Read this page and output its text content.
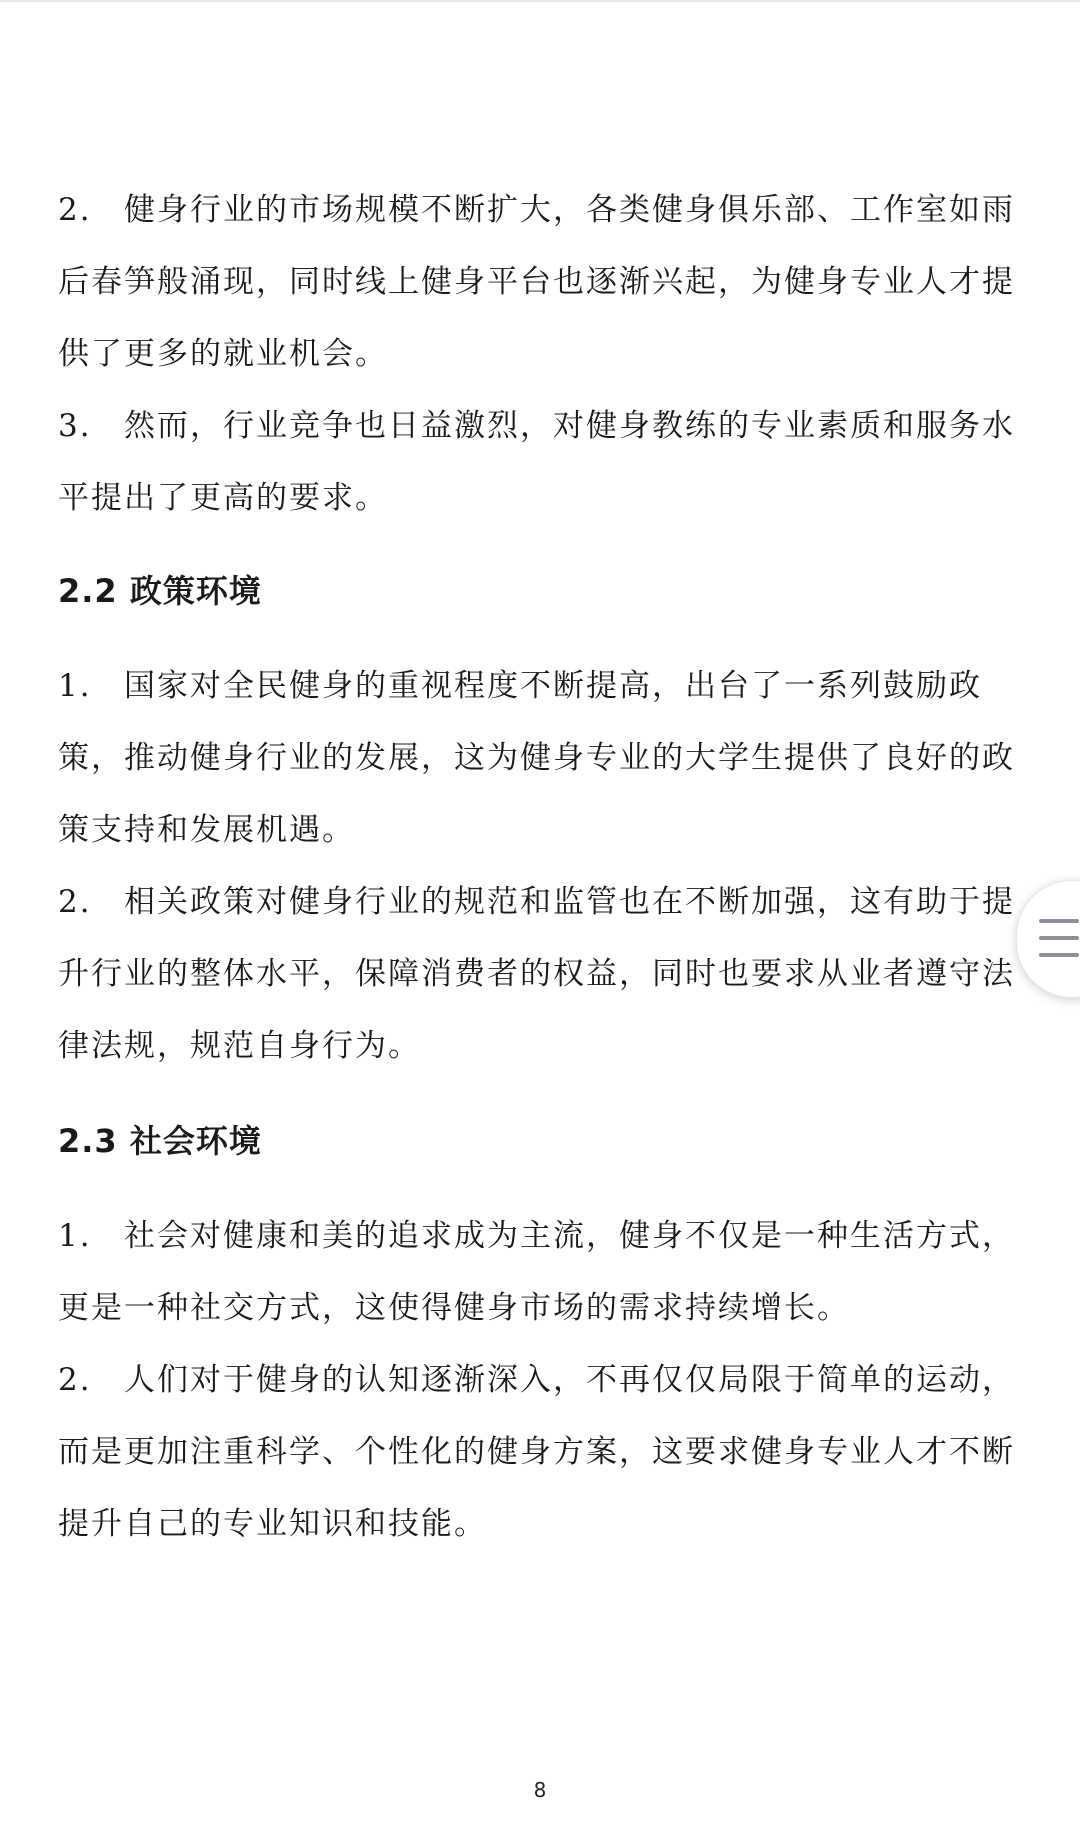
2. 健身行业的市场规模不断扩大，各类健身俱乐部、工作室如雨后春笋般涌现，同时线上健身平台也逐渐兴起，为健身专业人才提供了更多的就业机会。

3. 然而，行业竞争也日益激烈，对健身教练的专业素质和服务水平提出了更高的要求。

2.2 政策环境

1. 国家对全民健身的重视程度不断提高，出台了一系列鼓励政策，推动健身行业的发展，这为健身专业的大学生提供了良好的政策支持和发展机遇。

2. 相关政策对健身行业的规范和监管也在不断加强，这有助于提升行业的整体水平，保障消费者的权益，同时也要求从业者遵守法律法规，规范自身行为。

2.3 社会环境

1. 社会对健康和美的追求成为主流，健身不仅是一种生活方式，更是一种社交方式，这使得健身市场的需求持续增长。

2. 人们对于健身的认知逐渐深入，不再仅仅局限于简单的运动，而是更加注重科学、个性化的健身方案，这要求健身专业人才不断提升自己的专业知识和技能。

8
